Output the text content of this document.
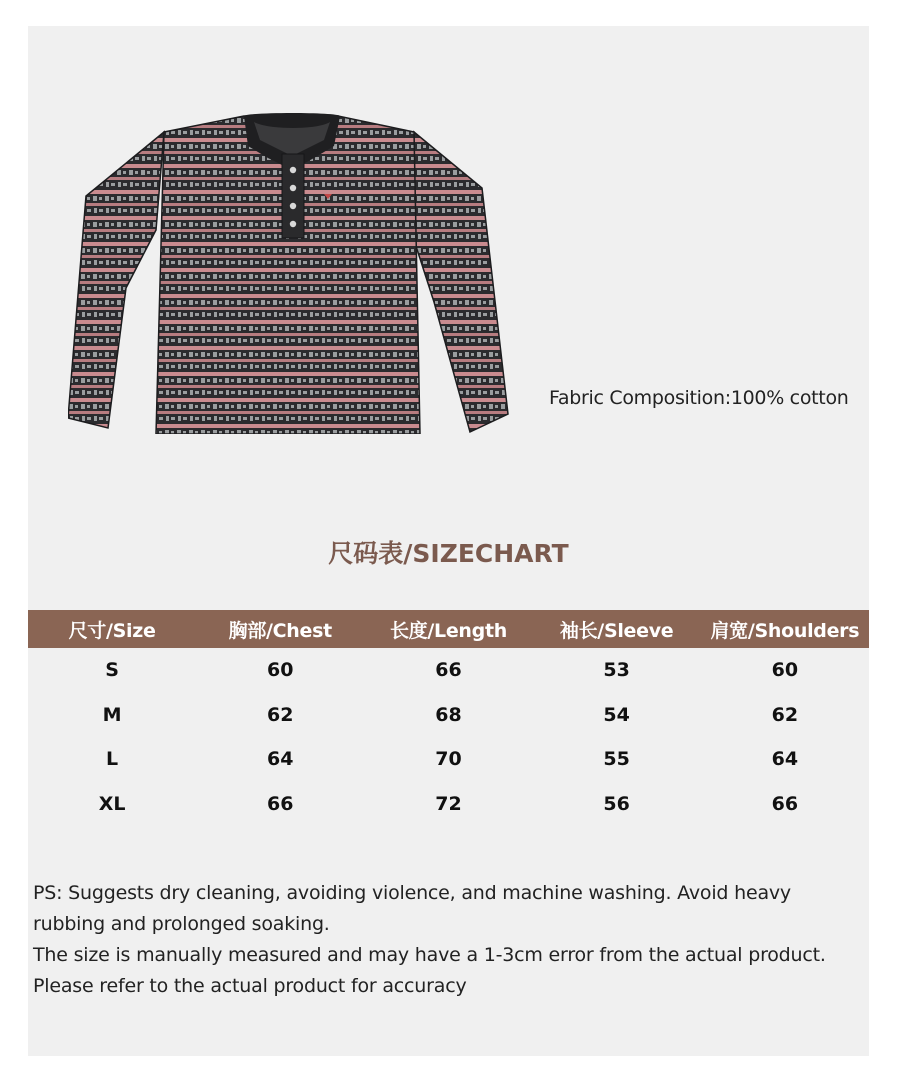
Fabric Composition:100% cotton
尺码表/SIZECHART
尺寸/Size	胸部/Chest	长度/Length	袖长/Sleeve	肩宽/Shoulders
S	60	66	53	60
M	62	68	54	62
L	64	70	55	64
XL	66	72	56	66

PS: Suggests dry cleaning, avoiding violence, and machine washing. Avoid heavy rubbing and prolonged soaking.

The size is manually measured and may have a 1-3cm error from the actual product.

Please refer to the actual product for accuracy
